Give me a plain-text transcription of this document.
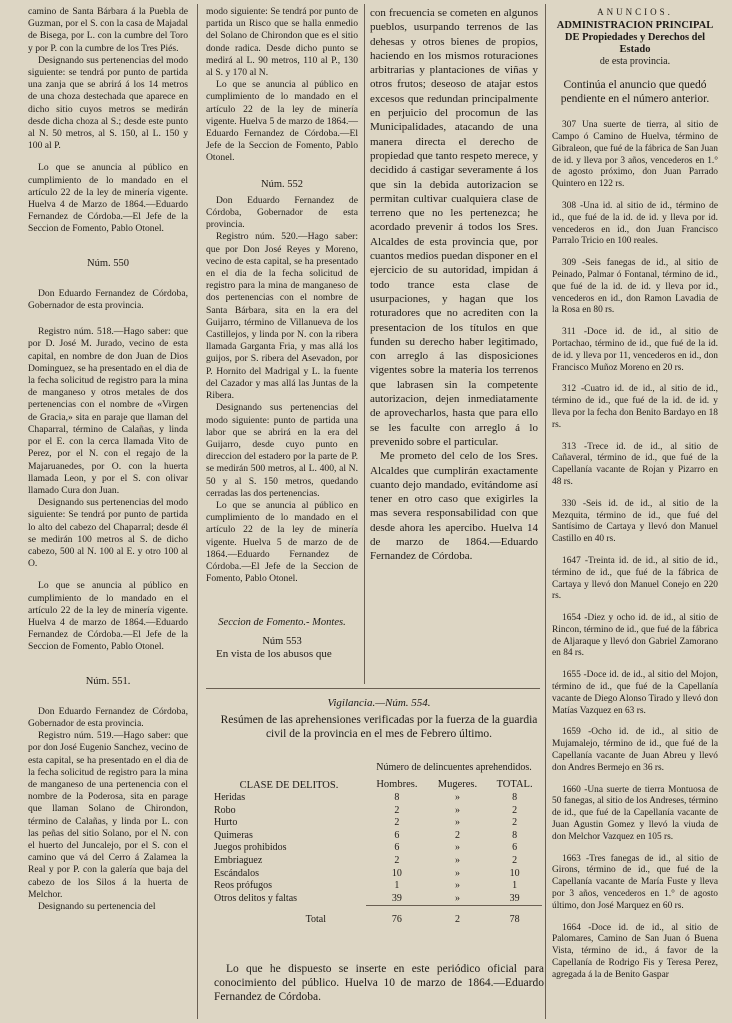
camino de Santa Bárbara á la Puebla de Guzman, por el S. con la casa de Majadal de Bisega, por L. con la cumbre del Toro y por P. con la cumbre de los Tres Piés.

Designando sus pertenencias del modo siguiente: se tendrá por punto de partida una zanja que se abrirá á los 14 metros de una choza destechada que aparece en dicho sitio cuyos metros se medirán desde dicha choza al S.; desde este punto al N. 50 metros, al S. 150, al L. 150 y 100 al P.

Lo que se anuncia al público en cumplimiento de lo mandado en el artículo 22 de la ley de minería vigente. Huelva 4 de Marzo de 1864.—Eduardo Fernandez de Córdoba.—El Jefe de la Seccion de Fomento, Pablo Otonel.

Núm. 550

Don Eduardo Fernandez de Córdoba, Gobernador de esta provincia.

Registro núm. 518.—Hago saber: que por D. José M. Jurado, vecino de esta capital, en nombre de don Juan de Dios Dominguez, se ha presentado en el dia de la fecha solicitud de registro para la mina de manganeso y otros metales de dos pertenencias con el nombre de «Virgen de Gracia,» sita en paraje que llaman del Chaparral, término de Calañas, y linda por el E. con la cerca llamada Vito de Perez, por el N. con el regajo de la Majaruanedes, por O. con la huerta llamada Leon, y por el S. con olivar llamado Cura don Juan.

Designando sus pertenencias del modo siguiente: Se tendrá por punto de partida lo alto del cabezo del Chaparral; desde él se medirán 100 metros al S. de dicho cabezo, 500 al N. 100 al E. y otro 100 al O.

Lo que se anuncia al público en cumplimiento de lo mandado en el artículo 22 de la ley de minería vigente. Huelva 4 de marzo de 1864.—Eduardo Fernandez de Córdoba.—El Jefe de la Seccion de Fomento, Pablo Otonel.

Núm. 551.

Don Eduardo Fernandez de Córdoba, Gobernador de esta provincia.

Registro núm. 519.—Hago saber: que por don José Eugenio Sanchez, vecino de esta capital, se ha presentado en el dia de la fecha solicitud de registro para la mina de manganeso de una pertenencia con el nombre de la Poderosa, sita en parage que llaman Solano de Chirondon, término de Calañas, y linda por L. con las peñas del sitio Solano, por el N. con el huerto del Juncalejo, por el S. con el camino que vá del Cerro á Zalamea la Real y por P. con la galería que baja del cabezo de los Silos á la huerta de Melchor.

Designando su pertenencia del

modo siguiente: Se tendrá por punto de partida un Risco que se halla enmedio del Solano de Chirondon que es el sitio donde radica. Desde dicho punto se medirá al L. 90 metros, 110 al P., 130 al S. y 170 al N.

Lo que se anuncia al público en cumplimiento de lo mandado en el artículo 22 de la ley de minería vigente. Huelva 5 de marzo de 1864.—Eduardo Fernandez de Córdoba.—El Jefe de la Seccion de Fomento, Pablo Otonel.

Núm. 552

Don Eduardo Fernandez de Córdoba, Gobernador de esta provincia.

Registro núm. 520.—Hago saber: que por Don José Reyes y Moreno, vecino de esta capital, se ha presentado en el dia de la fecha solicitud de registro para la mina de manganeso de dos pertenencias con el nombre de Santa Bárbara, sita en la era del Guijarro, término de Villanueva de los Castillejos, y linda por N. con la ribera llamada Garganta Fria, y mas allá los guijos, por S. ribera del Asevadon, por P. Hornito del Madrigal y L. la fuente del Cazador y mas allá las Juntas de la Ribera.

Designando sus pertenencias del modo siguiente: punto de partida una labor que se abrirá en la era del Guijarro, desde cuyo punto en direccion del estadero por la parte de P. se medirán 500 metros, al L. 400, al N. 50 y al S. 150 metros, quedando cerradas las dos pertenencias.

Lo que se anuncia al público en cumplimiento de lo mandado en el artículo 22 de la ley de minería vigente. Huelva 5 de marzo de de 1864.—Eduardo Fernandez de Córdoba.—El Jefe de la Seccion de Fomento, Pablo Otonel.

Seccion de Fomento.- Montes.

Núm 553

En vista de los abusos que

con frecuencia se cometen en algunos pueblos, usurpando terrenos de las dehesas y otros bienes de propios, haciendo en los mismos roturaciones arbitrarias y plantaciones de viñas y otros frutos; deseoso de atajar estos excesos que redundan principalmente en perjuicio del procomun de las Municipalidades, atacando de una manera directa el derecho de propiedad que tanto respeto merece, y decidido á castigar severamente á los que sin la debida autorizacion se permitan cultivar cualquiera clase de terreno que no les pertenezca; he acordado prevenir á todos los Sres. Alcaldes de esta provincia que, por cuantos medios puedan disponer en el ejercicio de su autoridad, impidan á todo trance esta clase de usurpaciones, y hagan que los roturadores que no acrediten con la presentacion de los títulos en que funden su derecho haber legitimado, con arreglo á las disposiciones vigentes sobre la materia los terrenos que labrasen sin la competente autorizacion, dejen inmediatamente de aprovecharlos, hasta que para ello se les faculte con arreglo á lo prevenido sobre el particular.

Me prometo del celo de los Sres. Alcaldes que cumplirán exactamente cuanto dejo mandado, evitándome así tener en otro caso que exigirles la mas severa responsabilidad con que desde ahora les apercibo. Huelva 14 de marzo de 1864.—Eduardo Fernandez de Córdoba.

ANUNCIOS.
ADMINISTRACION PRINCIPAL DE Propiedades y Derechos del Estado
de esta provincia.
Continúa el anuncio que quedó pendiente en el número anterior.

307 Una suerte de tierra, al sitio de Campo ó Camino de Huelva, término de Gibraleon, que fué de la fábrica de San Juan de id. y lleva por 3 años, vencederos en 1.° de agosto próximo, don Juan Parrado Quintero en 122 rs.

308 -Una id. al sitio de id., término de id., que fué de la id. de id. y lleva por id. vencederos en id., don Juan Francisco Parralo Tricio en 100 reales.

309 -Seis fanegas de id., al sitio de Peinado, Palmar ó Fontanal, término de id., que fué de la id. de id. y lleva por id., vencederos en id., don Ramon Lavadia de la Rosa en 80 rs.

311 -Doce id. de id., al sitio de Portachao, término de id., que fué de la id. de id. y lleva por 11, vencederos en id., don Francisco Muñoz Moreno en 20 rs.

312 -Cuatro id. de id., al sitio de id., término de id., que fué de la id. de id. y lleva por la fecha don Benito Bardayo en 18 rs.

313 -Trece id. de id., al sitio de Cañaveral, término de id., que fué de la Capellanía vacante de Rojan y Pizarro en 48 rs.

330 -Seis id. de id., al sitio de la Mezquita, término de id., que fué del Santísimo de Cartaya y llevó don Manuel Castillo en 40 rs.

1647 -Treinta id. de id., al sitio de id., término de id., que fué de la fábrica de Cartaya y llevó don Manuel Conejo en 220 rs.

1654 -Diez y ocho id. de id., al sitio de Rincon, término de id., que fué de la fábrica de Aljaraque y llevó don Gabriel Zamorano en 84 rs.

1655 -Doce id. de id., al sitio del Mojon, término de id., que fué de la Capellanía vacante de Diego Alonso Tirado y llevó don Matías Vazquez en 63 rs.

1659 -Ocho id. de id., al sitio de Mujamalejo, término de id., que fué de la Capellanía vacante de Juan Abreu y llevó don Andres Bermejo en 36 rs.

1660 -Una suerte de tierra Montuosa de 50 fanegas, al sitio de los Andreses, término de id., que fué de la Capellanía vacante de Juan Agustin Gomez y llevó la viuda de don Melchor Vazquez en 105 rs.

1663 -Tres fanegas de id., al sitio de Girons, término de id., que fué de la Capellanía vacante de María Fuste y lleva por 3 años, vencederos en 1.° de agosto último, don José Marquez en 60 rs.

1664 -Doce id. de id., al sitio de Palomares, Camino de San Juan ó Buena Vista, término de id., á favor de la Capellanía de Rodrigo Fis y Teresa Perez, agregada á la de Benito Gaspar

Vigilancia.—Núm. 554.
Resúmen de las aprehensiones verificadas por la fuerza de la guardia civil de la provincia en el mes de Febrero último.
CLASE DE DELITOS.	Número de delincuentes aprehendidos.		
	Hombres.	Mugeres.	TOTAL.
Heridas	8	»	8
Robo	2	»	2
Hurto	2	»	2
Quimeras	6	2	8
Juegos prohibidos	6	»	6
Embriaguez	2	»	2
Escándalos	10	»	10
Reos prófugos	1	»	1
Otros delitos y faltas	39	»	39
Total	76	2	78
Lo que he dispuesto se inserte en este periódico oficial para conocimiento del público. Huelva 10 de marzo de 1864.—Eduardo Fernandez de Córdoba.
